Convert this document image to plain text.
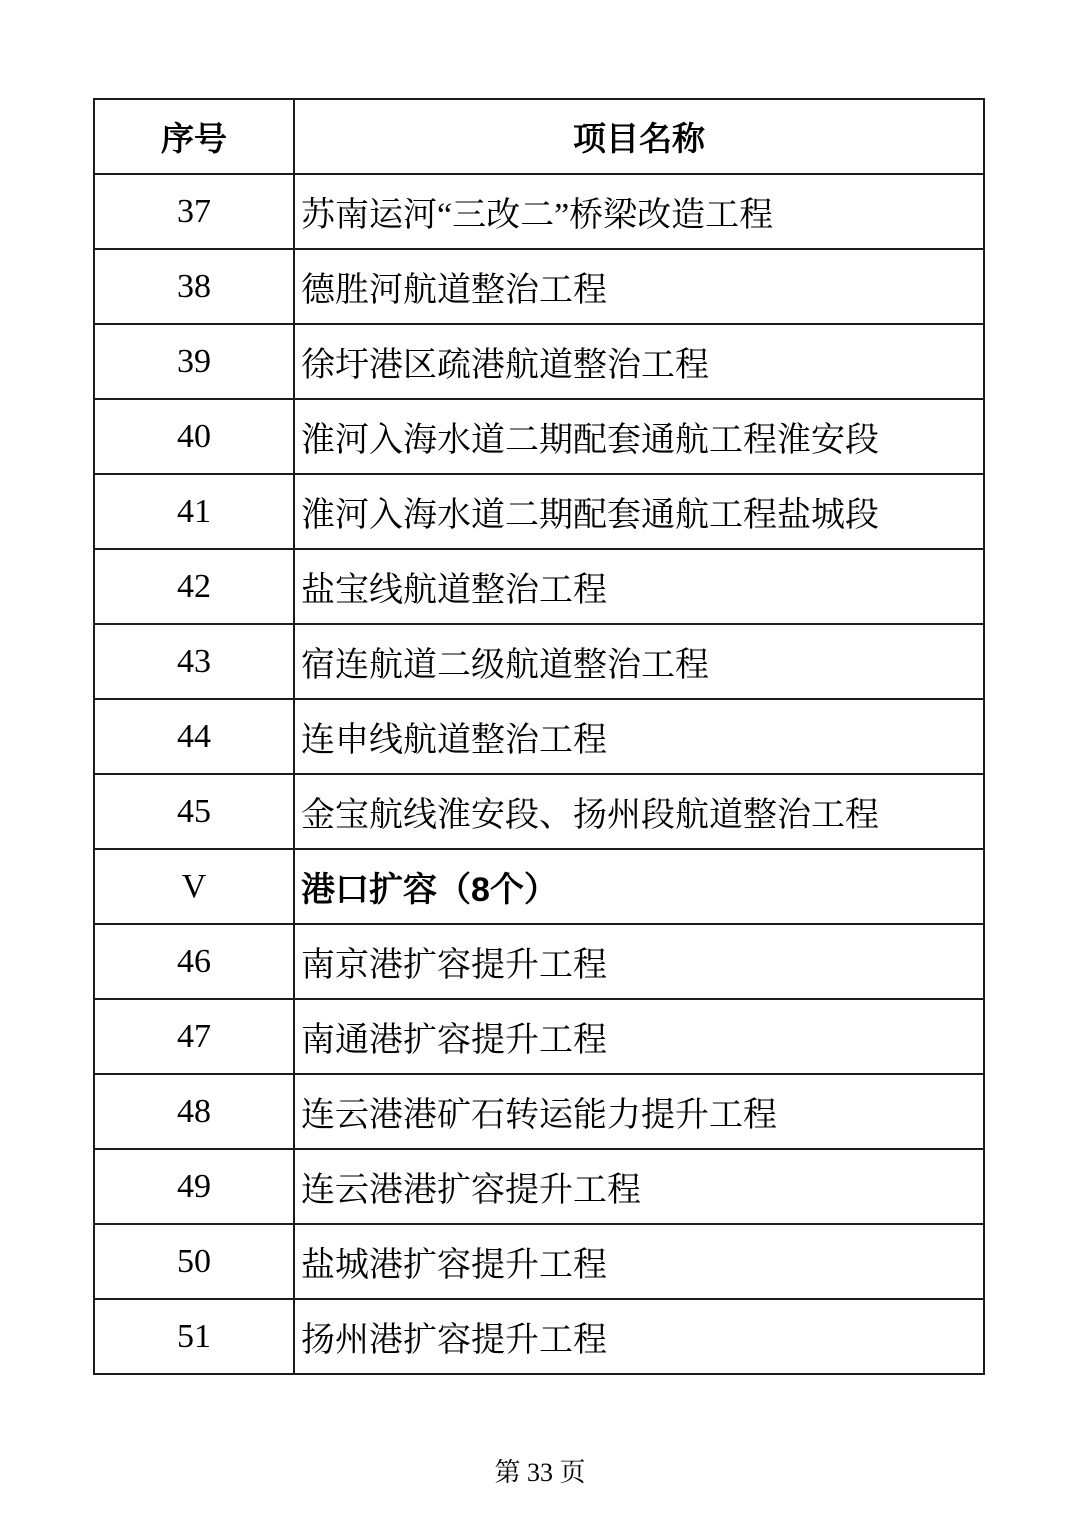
序号	项目名称
37	苏南运河“三改二”桥梁改造工程
38	德胜河航道整治工程
39	徐圩港区疏港航道整治工程
40	淮河入海水道二期配套通航工程淮安段
41	淮河入海水道二期配套通航工程盐城段
42	盐宝线航道整治工程
43	宿连航道二级航道整治工程
44	连申线航道整治工程
45	金宝航线淮安段、扬州段航道整治工程
V	港口扩容（8个）
46	南京港扩容提升工程
47	南通港扩容提升工程
48	连云港港矿石转运能力提升工程
49	连云港港扩容提升工程
50	盐城港扩容提升工程
51	扬州港扩容提升工程
第 33 页
